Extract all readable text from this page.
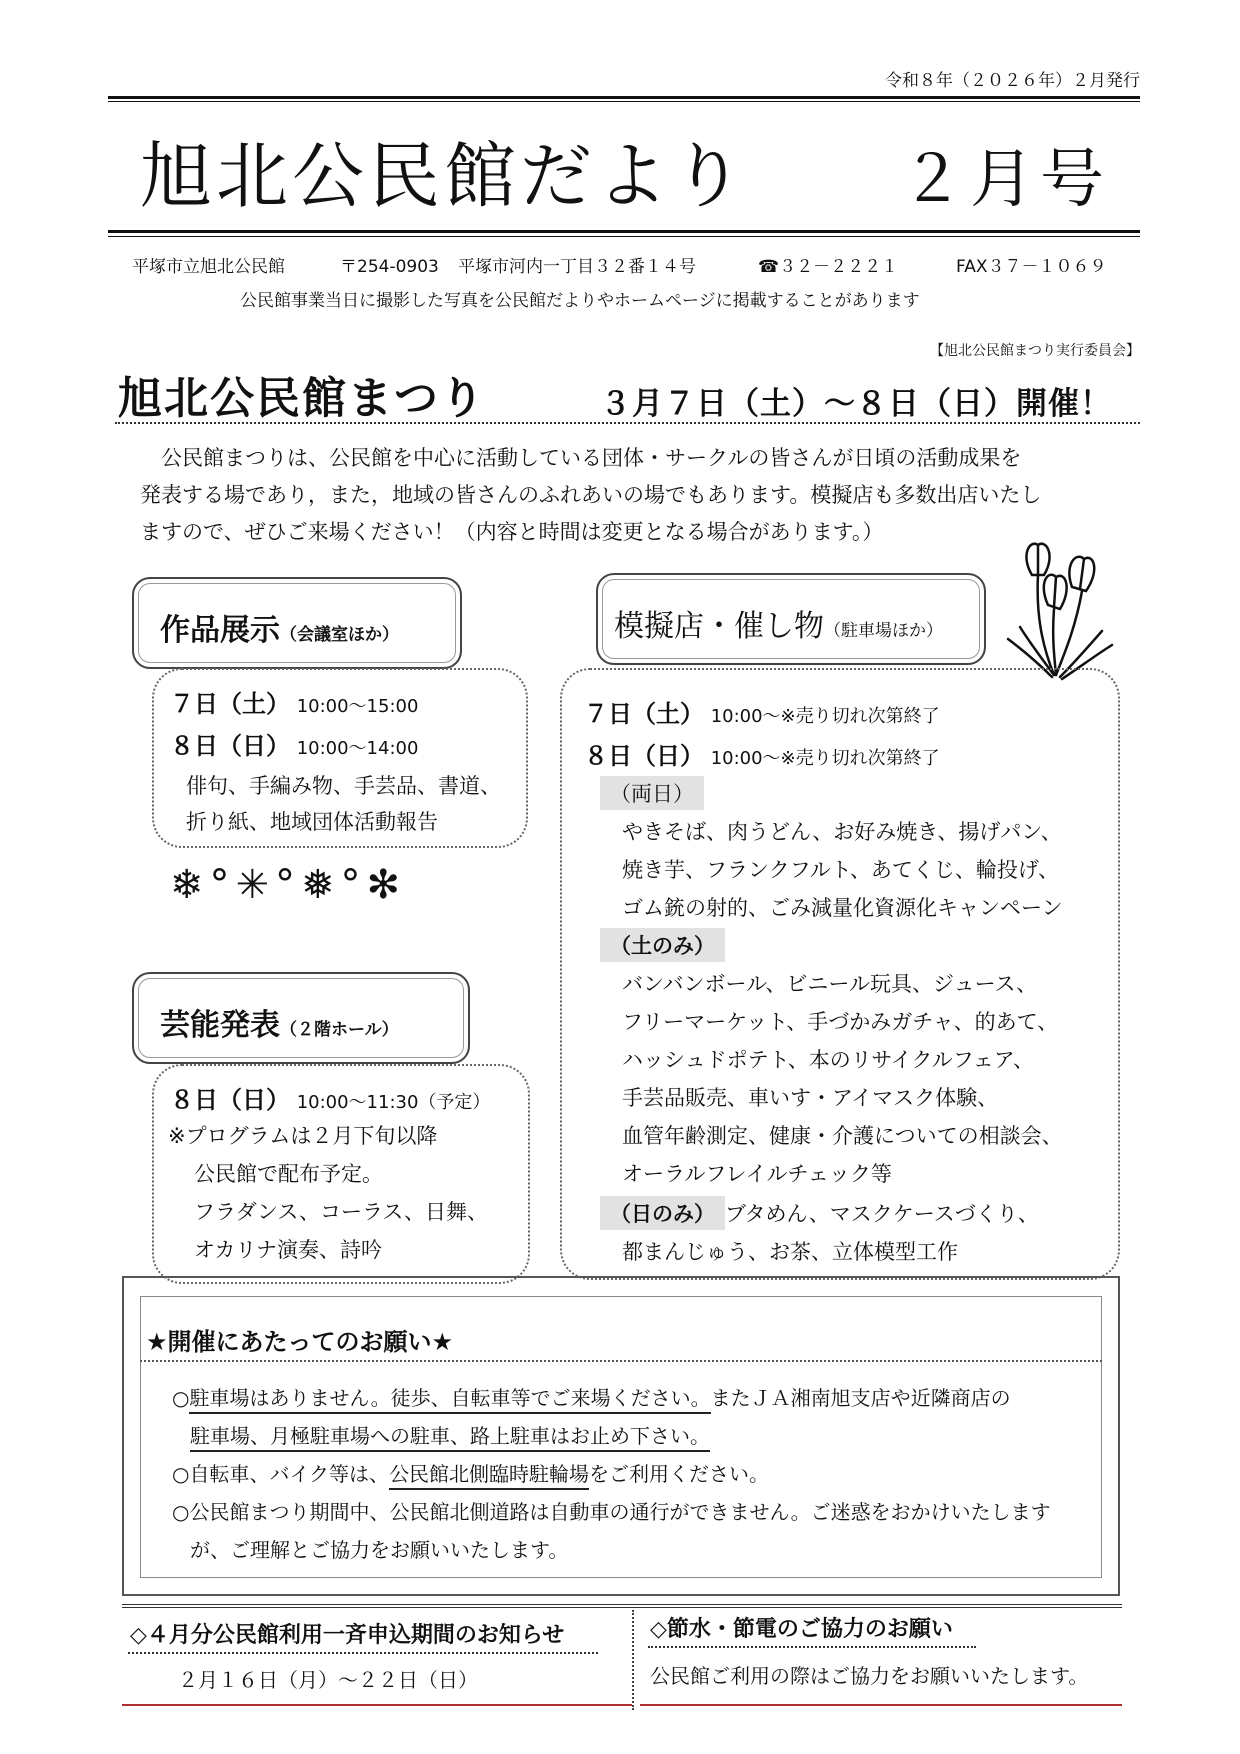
令和８年（２０２６年）２月発行
旭北公民館だより ２月号
平塚市立旭北公民館	〒254-0903 平塚市河内一丁目３２番１４号	☎３２－２２２１	FAX３７－１０６９
公民館事業当日に撮影した写真を公民館だよりやホームページに掲載することがあります
【旭北公民館まつり実行委員会】
旭北公民館まつり	３月７日（土）～８日（日）開催！
公民館まつりは、公民館を中心に活動している団体・サークルの皆さんが日頃の活動成果を
発表する場であり，また，地域の皆さんのふれあいの場でもあります。模擬店も多数出店いたし
ますので、ぜひご来場ください！（内容と時間は変更となる場合があります。）
作品展示（会議室ほか）
７日（土） 10:00～15:00
８日（日） 10:00～14:00
俳句、手編み物、手芸品、書道、
折り紙、地域団体活動報告
❄°✳°❅°✻
芸能発表（２階ホール）
８日（日） 10:00～11:30（予定）
※プログラムは２月下旬以降
公民館で配布予定。
フラダンス、コーラス、日舞、
オカリナ演奏、詩吟
模擬店・催し物（駐車場ほか）
７日（土） 10:00～※売り切れ次第終了
８日（日） 10:00～※売り切れ次第終了
（両日）
やきそば、肉うどん、お好み焼き、揚げパン、
焼き芋、フランクフルト、あてくじ、輪投げ、
ゴム銃の射的、ごみ減量化資源化キャンペーン
（土のみ）
バンバンボール、ビニール玩具、ジュース、
フリーマーケット、手づかみガチャ、的あて、
ハッシュドポテト、本のリサイクルフェア、
手芸品販売、車いす・アイマスク体験、
血管年齢測定、健康・介護についての相談会、
オーラルフレイルチェック等
（日のみ） ブタめん、マスクケースづくり、
都まんじゅう、お茶、立体模型工作
★開催にあたってのお願い★
○駐車場はありません。徒歩、自転車等でご来場ください。またＪＡ湘南旭支店や近隣商店の
駐車場、月極駐車場への駐車、路上駐車はお止め下さい。
○自転車、バイク等は、公民館北側臨時駐輪場をご利用ください。
○公民館まつり期間中、公民館北側道路は自動車の通行ができません。ご迷惑をおかけいたします
が、ご理解とご協力をお願いいたします。
◇４月分公民館利用一斉申込期間のお知らせ
２月１６日（月）～２２日（日）
◇節水・節電のご協力のお願い
公民館ご利用の際はご協力をお願いいたします。
